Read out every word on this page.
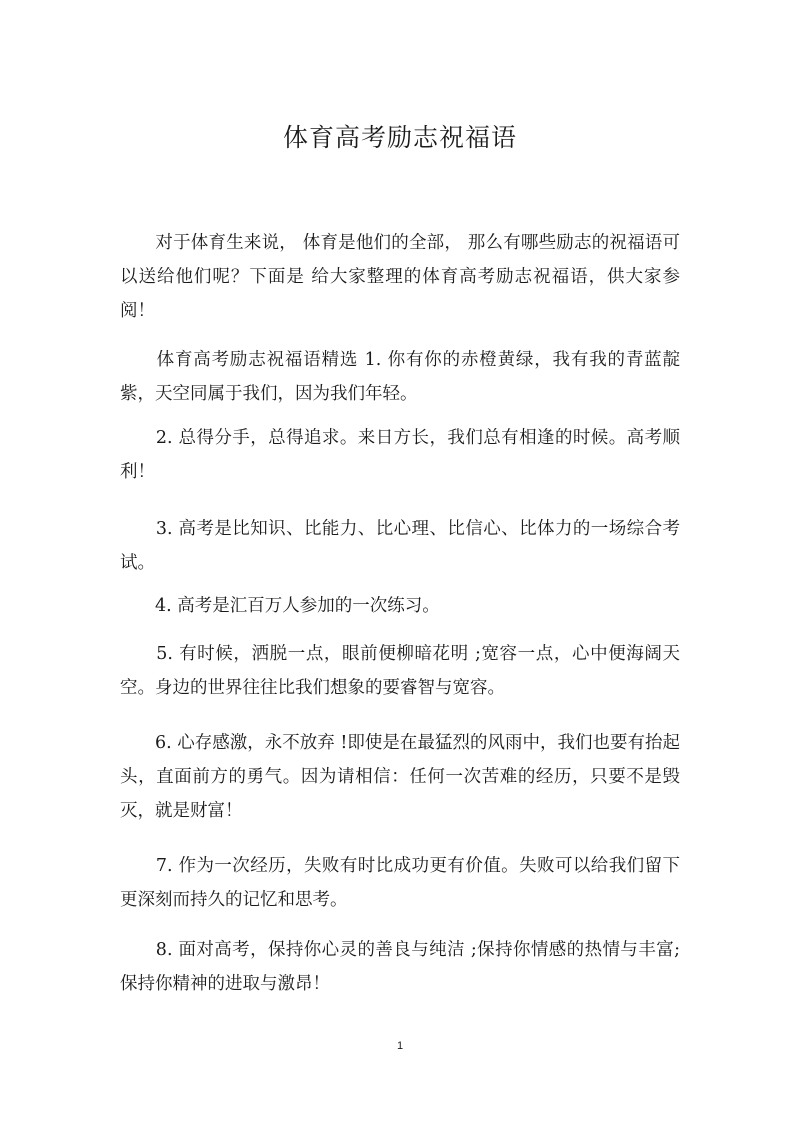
体育高考励志祝福语

　　对于体育生来说， 体育是他们的全部， 那么有哪些励志的祝福语可以送给他们呢？下面是 给大家整理的体育高考励志祝福语，供大家参阅！

　　体育高考励志祝福语精选 1. 你有你的赤橙黄绿，我有我的青蓝靛紫，天空同属于我们，因为我们年轻。

　　2. 总得分手，总得追求。来日方长，我们总有相逢的时候。高考顺利！

　　3. 高考是比知识、比能力、比心理、比信心、比体力的一场综合考试。

　　4. 高考是汇百万人参加的一次练习。

　　5. 有时候，洒脱一点，眼前便柳暗花明 ;宽容一点，心中便海阔天空。身边的世界往往比我们想象的要睿智与宽容。

　　6. 心存感激，永不放弃 !即使是在最猛烈的风雨中，我们也要有抬起头，直面前方的勇气。因为请相信：任何一次苦难的经历，只要不是毁灭，就是财富！

　　7. 作为一次经历，失败有时比成功更有价值。失败可以给我们留下更深刻而持久的记忆和思考。

　　8. 面对高考，保持你心灵的善良与纯洁 ;保持你情感的热情与丰富;保持你精神的进取与激昂！

1
